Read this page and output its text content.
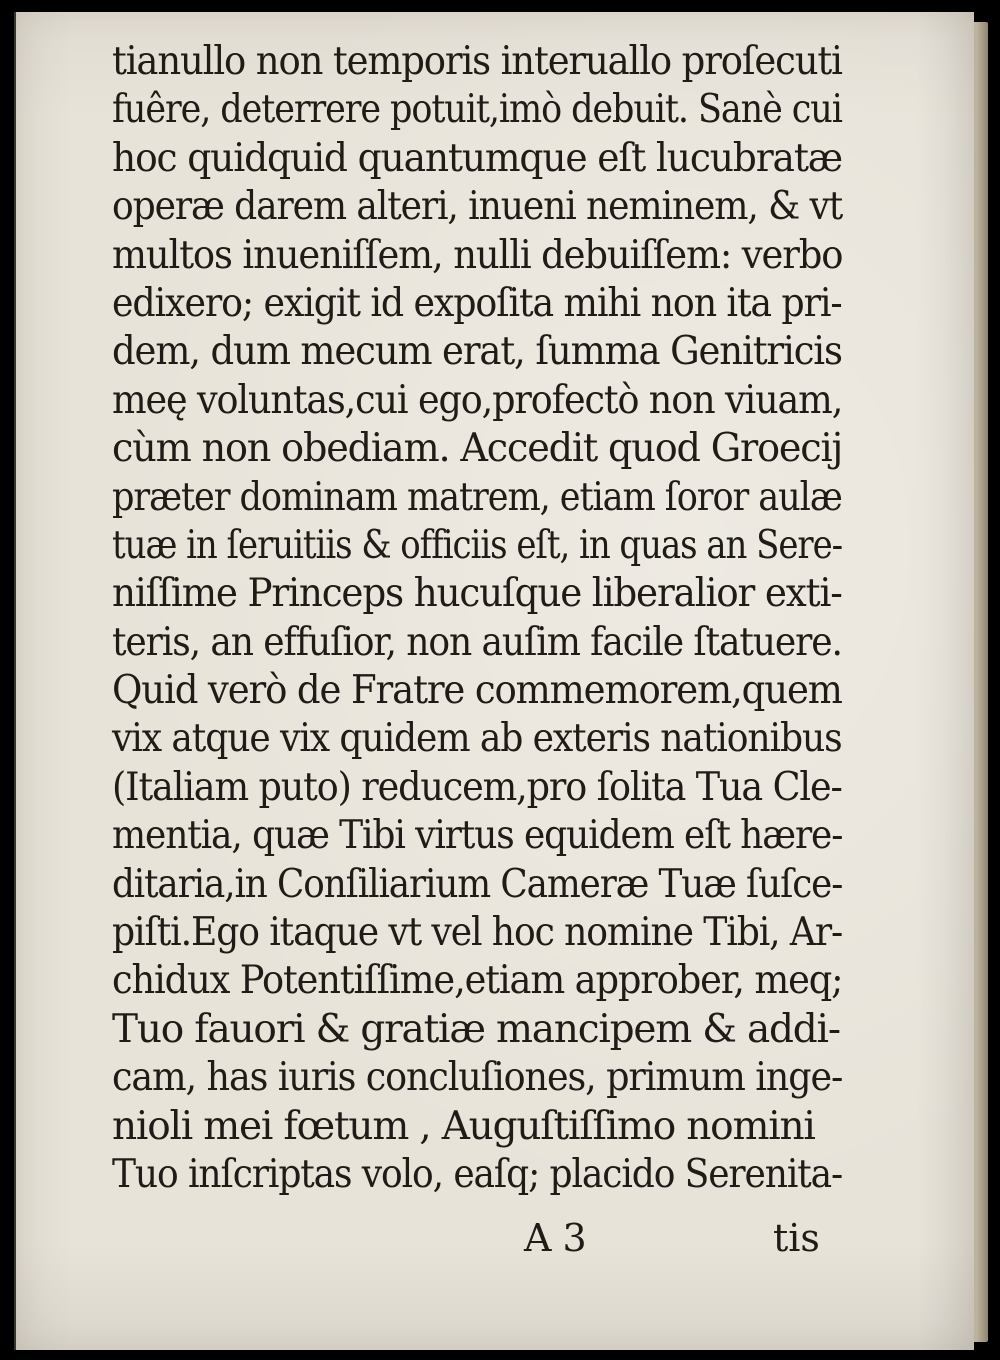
tianullo non temporis interuallo proſecuti
fuêre, deterrere potuit,imò debuit. Sanè cui
hoc quidquid quantumque eſt lucubratæ
operæ darem alteri, inueni neminem, & vt
multos inueniſſem, nulli debuiſſem: verbo
edixero; exigit id expoſita mihi non ita pri-
dem, dum mecum erat, ſumma Genitricis
meę voluntas,cui ego,profectò non viuam,
cùm non obediam. Accedit quod Groecij
præter dominam matrem, etiam ſoror aulæ
tuæ in ſeruitiis & officiis eſt, in quas an Sere-
niſſime Princeps hucuſque liberalior exti-
teris, an effuſior, non auſim facile ſtatuere.
Quid verò de Fratre commemorem,quem
vix atque vix quidem ab exteris nationibus
(Italiam puto) reducem,pro ſolita Tua Cle-
mentia, quæ Tibi virtus equidem eſt hære-
ditaria,in Conſiliarium Cameræ Tuæ ſuſce-
piſti.Ego itaque vt vel hoc nomine Tibi, Ar-
chidux Potentiſſime,etiam approber, meq;
Tuo fauori & gratiæ mancipem & addi-
cam, has iuris concluſiones, primum inge-
nioli mei fœtum , Auguſtiſſimo nomini
Tuo inſcriptas volo, eaſq; placido Serenita-
A 3	tis
